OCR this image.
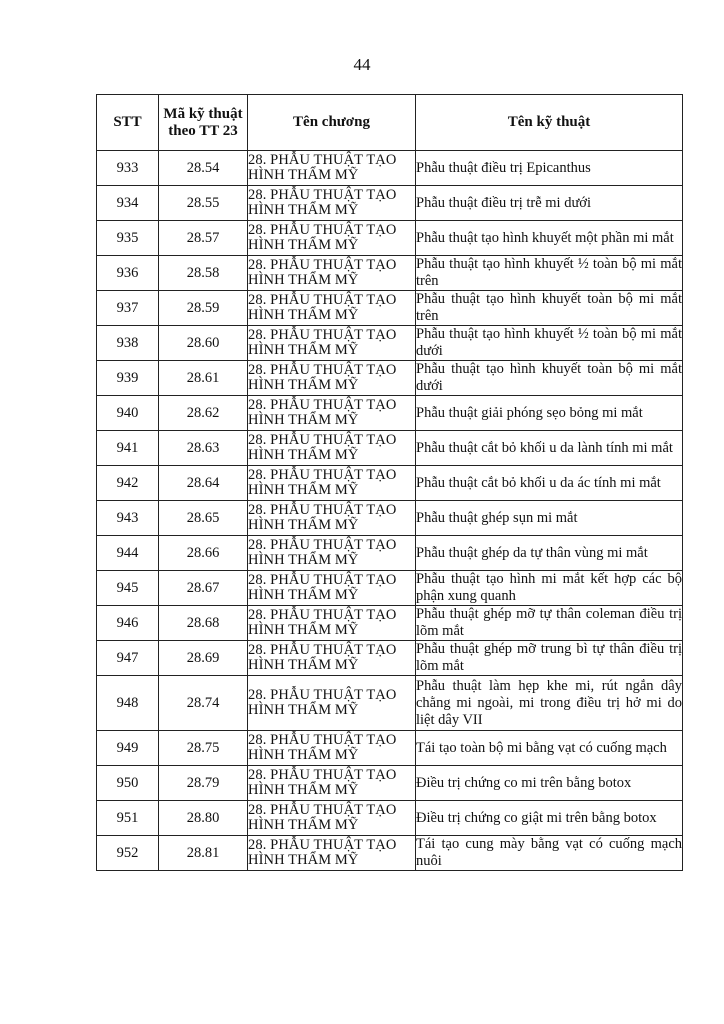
44
STT	Mã kỹ thuật theo TT 23	Tên chương	Tên kỹ thuật
933	28.54	28. PHẪU THUẬT TẠO HÌNH THẨM MỸ	Phẫu thuật điều trị Epicanthus
934	28.55	28. PHẪU THUẬT TẠO HÌNH THẨM MỸ	Phẫu thuật điều trị trễ mi dưới
935	28.57	28. PHẪU THUẬT TẠO HÌNH THẨM MỸ	Phẫu thuật tạo hình khuyết một phần mi mắt
936	28.58	28. PHẪU THUẬT TẠO HÌNH THẨM MỸ	Phẫu thuật tạo hình khuyết ½ toàn bộ mi mắt trên
937	28.59	28. PHẪU THUẬT TẠO HÌNH THẨM MỸ	Phẫu thuật tạo hình khuyết toàn bộ mi mắt trên
938	28.60	28. PHẪU THUẬT TẠO HÌNH THẨM MỸ	Phẫu thuật tạo hình khuyết ½ toàn bộ mi mắt dưới
939	28.61	28. PHẪU THUẬT TẠO HÌNH THẨM MỸ	Phẫu thuật tạo hình khuyết toàn bộ mi mắt dưới
940	28.62	28. PHẪU THUẬT TẠO HÌNH THẨM MỸ	Phẫu thuật giải phóng sẹo bỏng mi mắt
941	28.63	28. PHẪU THUẬT TẠO HÌNH THẨM MỸ	Phẫu thuật cắt bỏ khối u da lành tính mi mắt
942	28.64	28. PHẪU THUẬT TẠO HÌNH THẨM MỸ	Phẫu thuật cắt bỏ khối u da ác tính mi mắt
943	28.65	28. PHẪU THUẬT TẠO HÌNH THẨM MỸ	Phẫu thuật ghép sụn mi mắt
944	28.66	28. PHẪU THUẬT TẠO HÌNH THẨM MỸ	Phẫu thuật ghép da tự thân vùng mi mắt
945	28.67	28. PHẪU THUẬT TẠO HÌNH THẨM MỸ	Phẫu thuật tạo hình mi mắt kết hợp các bộ phận xung quanh
946	28.68	28. PHẪU THUẬT TẠO HÌNH THẨM MỸ	Phẫu thuật ghép mỡ tự thân coleman điều trị lõm mắt
947	28.69	28. PHẪU THUẬT TẠO HÌNH THẨM MỸ	Phẫu thuật ghép mỡ trung bì tự thân điều trị lõm mắt
948	28.74	28. PHẪU THUẬT TẠO HÌNH THẨM MỸ	Phẫu thuật làm hẹp khe mi, rút ngắn dây chằng mi ngoài, mi trong điều trị hở mi do liệt dây VII
949	28.75	28. PHẪU THUẬT TẠO HÌNH THẨM MỸ	Tái tạo toàn bộ mi bằng vạt có cuống mạch
950	28.79	28. PHẪU THUẬT TẠO HÌNH THẨM MỸ	Điều trị chứng co mi trên bằng botox
951	28.80	28. PHẪU THUẬT TẠO HÌNH THẨM MỸ	Điều trị chứng co giật mi trên bằng botox
952	28.81	28. PHẪU THUẬT TẠO HÌNH THẨM MỸ	Tái tạo cung mày bằng vạt có cuống mạch nuôi
